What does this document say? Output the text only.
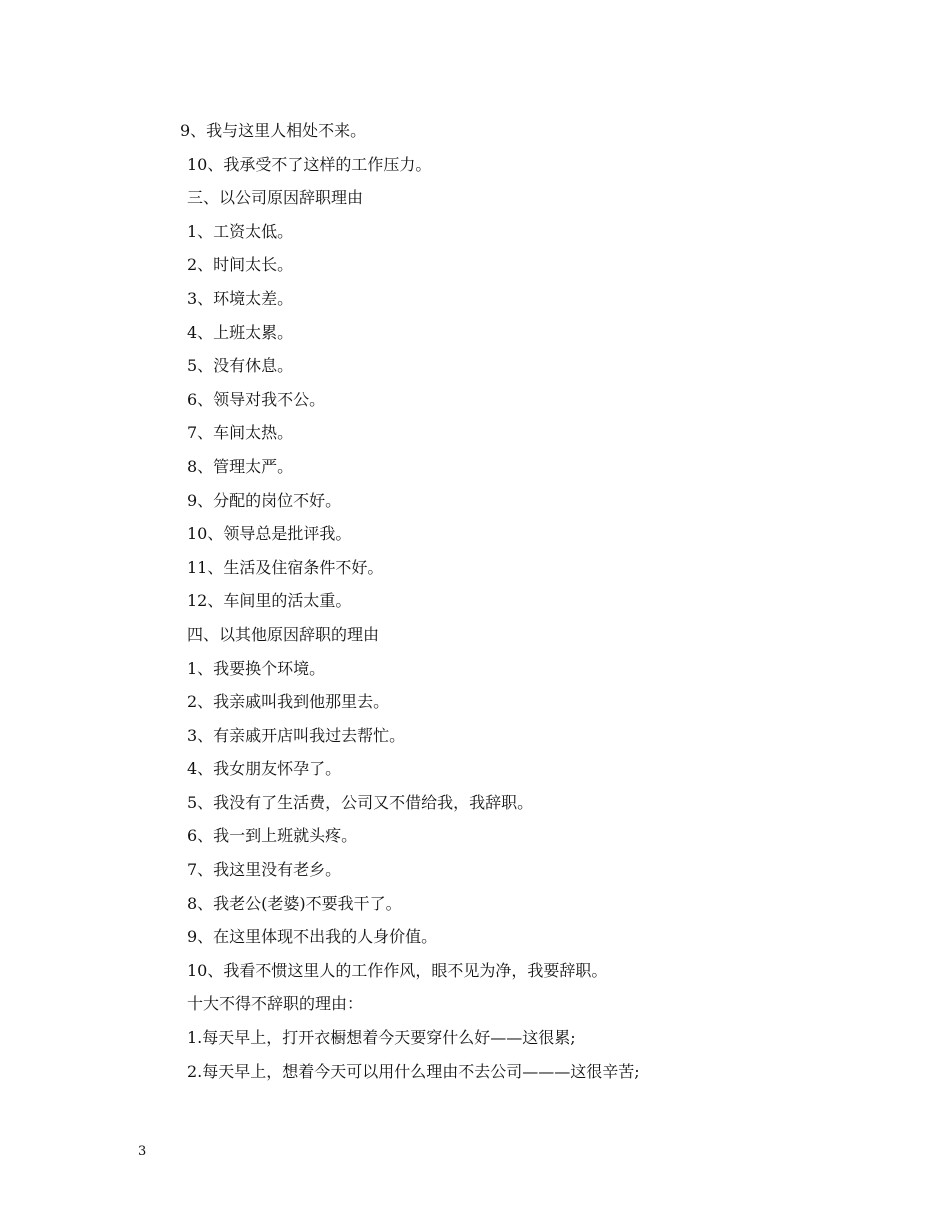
9、我与这里人相处不来。
10、我承受不了这样的工作压力。
三、以公司原因辞职理由
1、工资太低。
2、时间太长。
3、环境太差。
4、上班太累。
5、没有休息。
6、领导对我不公。
7、车间太热。
8、管理太严。
9、分配的岗位不好。
10、领导总是批评我。
11、生活及住宿条件不好。
12、车间里的活太重。
四、以其他原因辞职的理由
1、我要换个环境。
2、我亲戚叫我到他那里去。
3、有亲戚开店叫我过去帮忙。
4、我女朋友怀孕了。
5、我没有了生活费，公司又不借给我，我辞职。
6、我一到上班就头疼。
7、我这里没有老乡。
8、我老公(老婆)不要我干了。
9、在这里体现不出我的人身价值。
10、我看不惯这里人的工作作风，眼不见为净，我要辞职。
十大不得不辞职的理由：
1.每天早上，打开衣橱想着今天要穿什么好——这很累;
2.每天早上，想着今天可以用什么理由不去公司———这很辛苦;
3
